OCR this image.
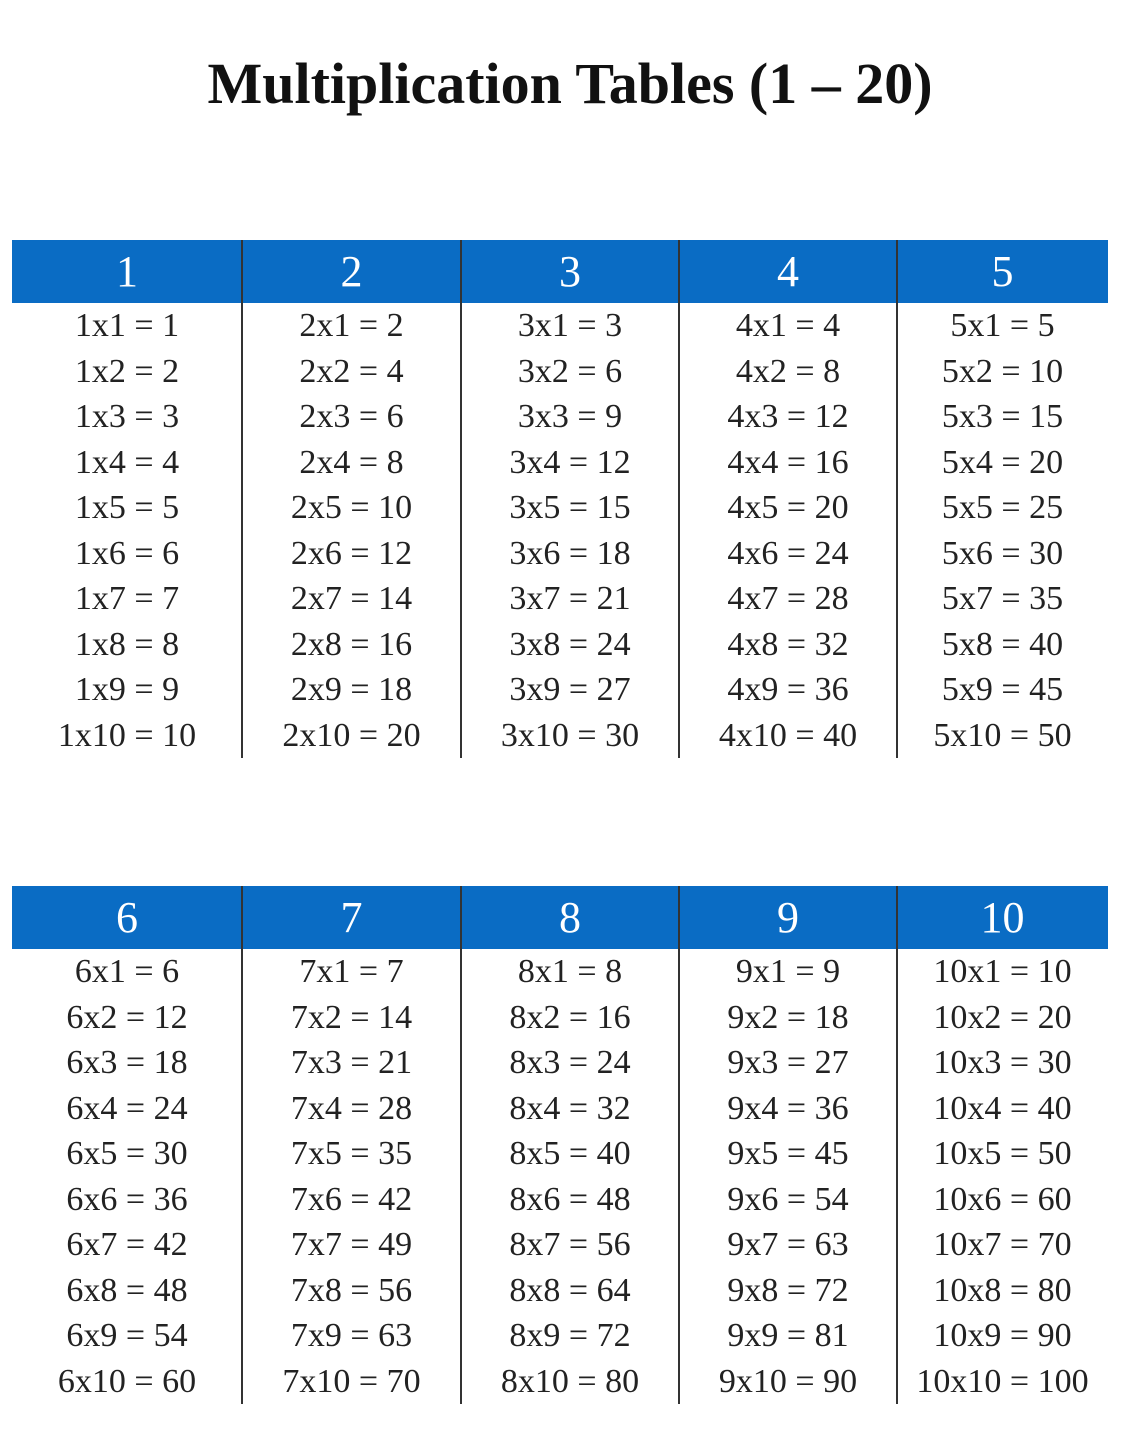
Multiplication Tables (1 – 20)
1
1x1 = 1
1x2 = 2
1x3 = 3
1x4 = 4
1x5 = 5
1x6 = 6
1x7 = 7
1x8 = 8
1x9 = 9
1x10 = 10
2
2x1 = 2
2x2 = 4
2x3 = 6
2x4 = 8
2x5 = 10
2x6 = 12
2x7 = 14
2x8 = 16
2x9 = 18
2x10 = 20
3
3x1 = 3
3x2 = 6
3x3 = 9
3x4 = 12
3x5 = 15
3x6 = 18
3x7 = 21
3x8 = 24
3x9 = 27
3x10 = 30
4
4x1 = 4
4x2 = 8
4x3 = 12
4x4 = 16
4x5 = 20
4x6 = 24
4x7 = 28
4x8 = 32
4x9 = 36
4x10 = 40
5
5x1 = 5
5x2 = 10
5x3 = 15
5x4 = 20
5x5 = 25
5x6 = 30
5x7 = 35
5x8 = 40
5x9 = 45
5x10 = 50
6
6x1 = 6
6x2 = 12
6x3 = 18
6x4 = 24
6x5 = 30
6x6 = 36
6x7 = 42
6x8 = 48
6x9 = 54
6x10 = 60
7
7x1 = 7
7x2 = 14
7x3 = 21
7x4 = 28
7x5 = 35
7x6 = 42
7x7 = 49
7x8 = 56
7x9 = 63
7x10 = 70
8
8x1 = 8
8x2 = 16
8x3 = 24
8x4 = 32
8x5 = 40
8x6 = 48
8x7 = 56
8x8 = 64
8x9 = 72
8x10 = 80
9
9x1 = 9
9x2 = 18
9x3 = 27
9x4 = 36
9x5 = 45
9x6 = 54
9x7 = 63
9x8 = 72
9x9 = 81
9x10 = 90
10
10x1 = 10
10x2 = 20
10x3 = 30
10x4 = 40
10x5 = 50
10x6 = 60
10x7 = 70
10x8 = 80
10x9 = 90
10x10 = 100
